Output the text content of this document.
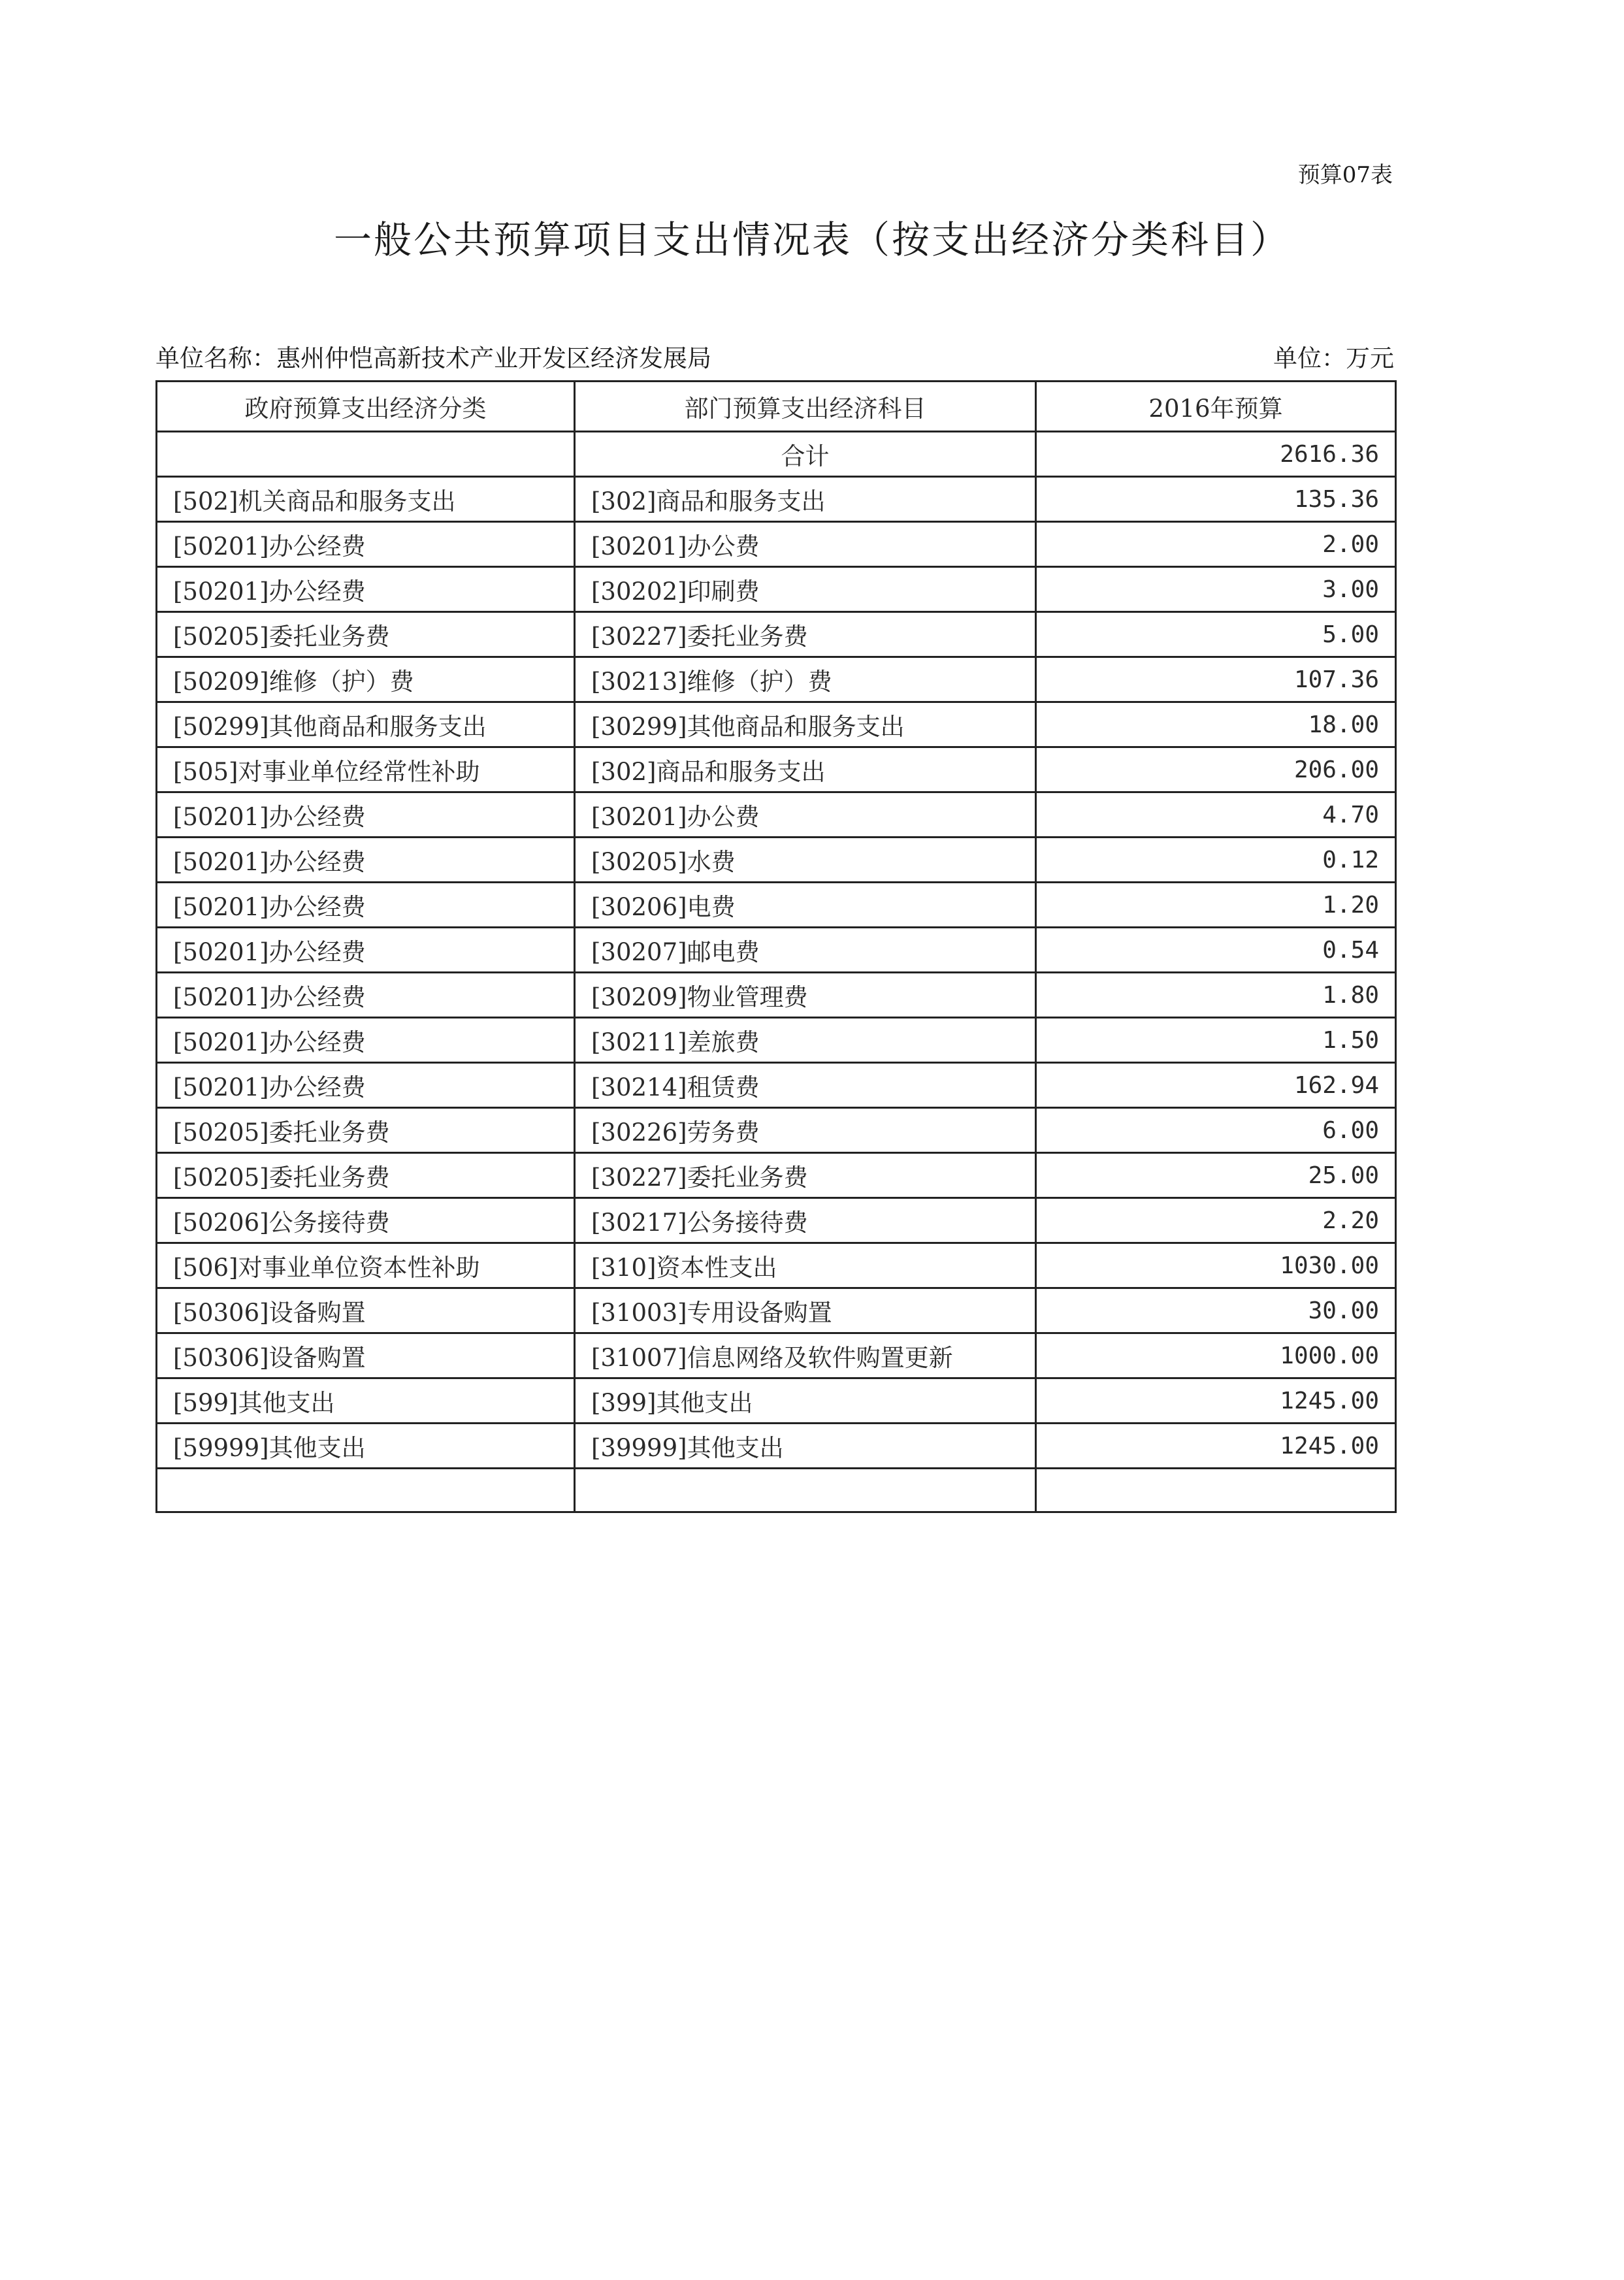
预算07表
一般公共预算项目支出情况表（按支出经济分类科目）
单位名称：惠州仲恺高新技术产业开发区经济发展局	单位：万元
政府预算支出经济分类	部门预算支出经济科目	2016年预算
	合计	2616.36
[502]机关商品和服务支出	[302]商品和服务支出	135.36
[50201]办公经费	[30201]办公费	2.00
[50201]办公经费	[30202]印刷费	3.00
[50205]委托业务费	[30227]委托业务费	5.00
[50209]维修（护）费	[30213]维修（护）费	107.36
[50299]其他商品和服务支出	[30299]其他商品和服务支出	18.00
[505]对事业单位经常性补助	[302]商品和服务支出	206.00
[50201]办公经费	[30201]办公费	4.70
[50201]办公经费	[30205]水费	0.12
[50201]办公经费	[30206]电费	1.20
[50201]办公经费	[30207]邮电费	0.54
[50201]办公经费	[30209]物业管理费	1.80
[50201]办公经费	[30211]差旅费	1.50
[50201]办公经费	[30214]租赁费	162.94
[50205]委托业务费	[30226]劳务费	6.00
[50205]委托业务费	[30227]委托业务费	25.00
[50206]公务接待费	[30217]公务接待费	2.20
[506]对事业单位资本性补助	[310]资本性支出	1030.00
[50306]设备购置	[31003]专用设备购置	30.00
[50306]设备购置	[31007]信息网络及软件购置更新	1000.00
[599]其他支出	[399]其他支出	1245.00
[59999]其他支出	[39999]其他支出	1245.00
